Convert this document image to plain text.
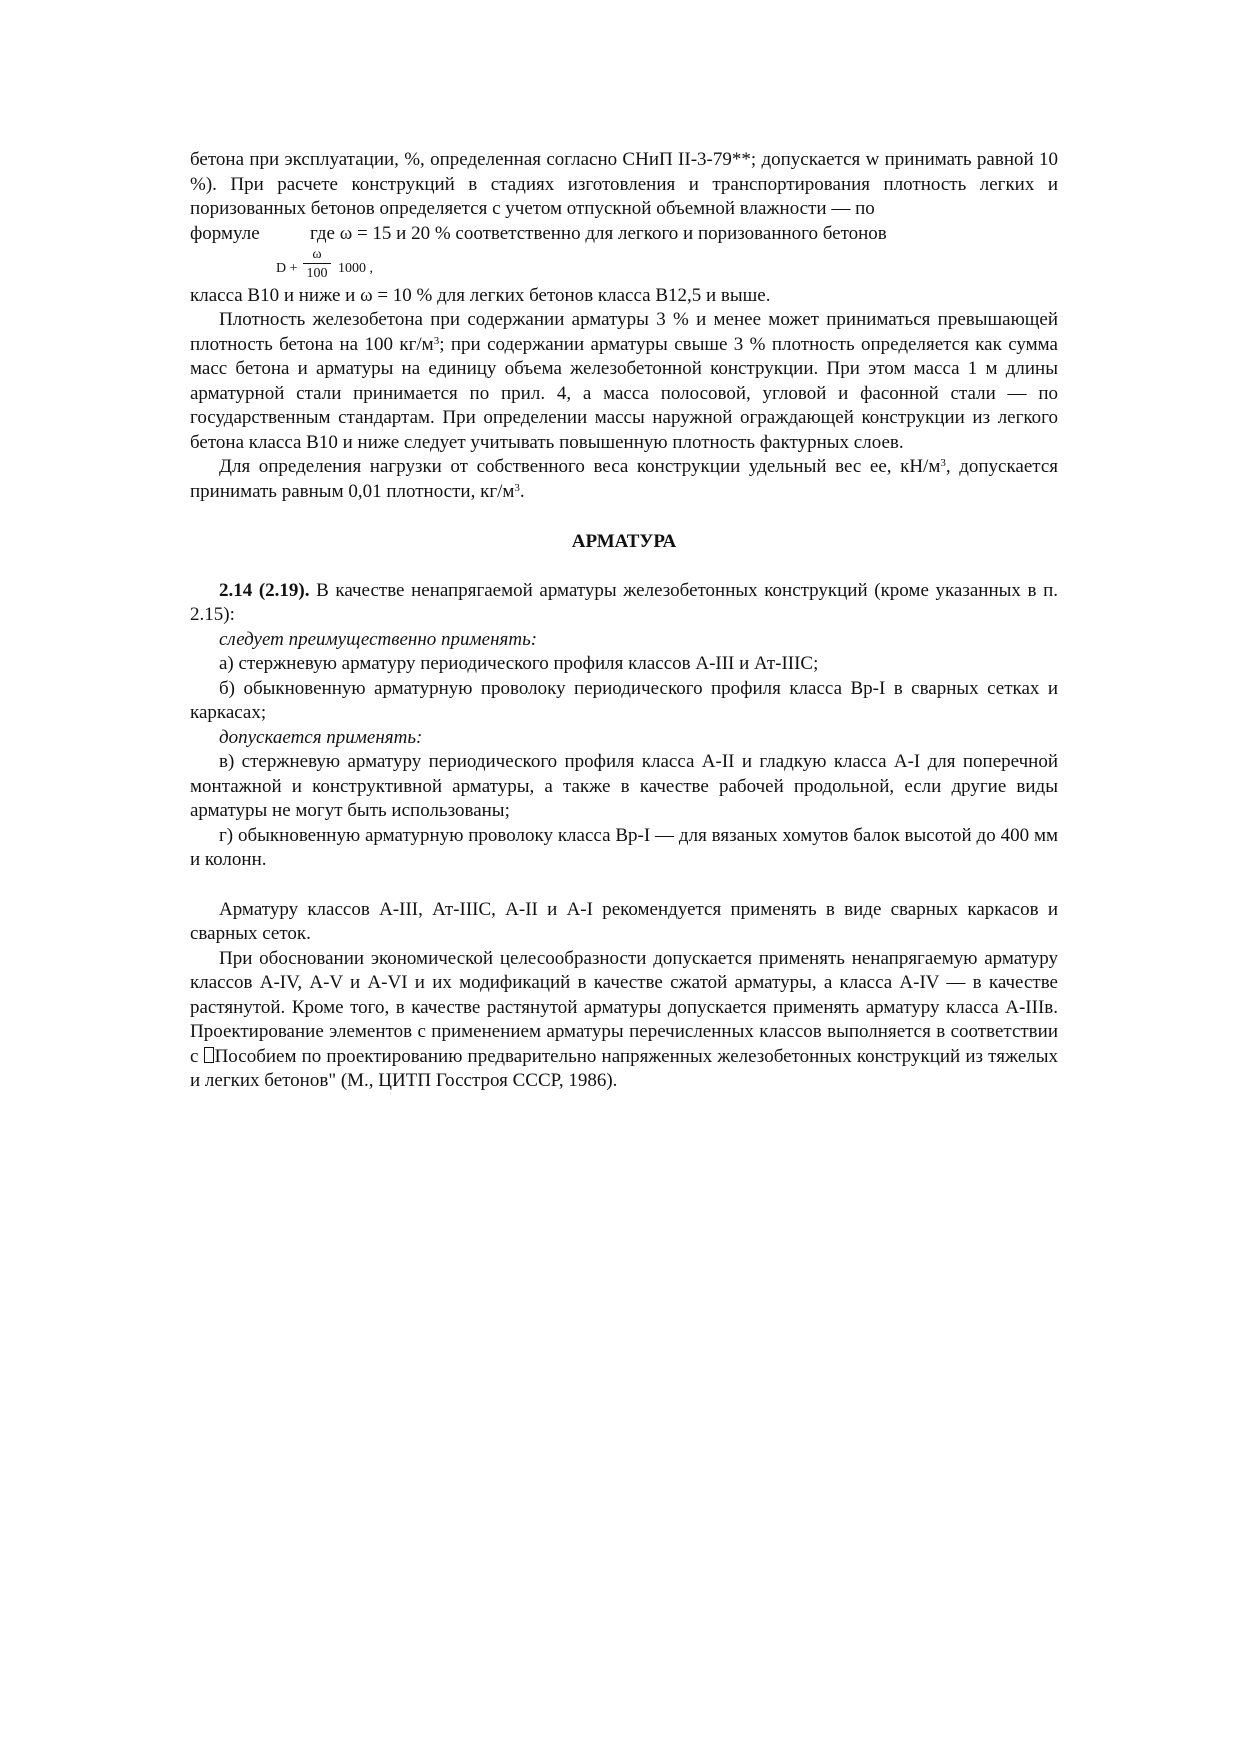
бетона при эксплуатации, %, определенная согласно СНиП II-3-79**; допускается w принимать равной 10 %). При расчете конструкций в стадиях изготовления и транспортирования плотность легких и поризованных бетонов определяется с учетом отпускной объемной влажности — по

формуле	где ω = 15 и 20 % соответственно для легкого и поризованного бетонов

$D + \frac{\omega}{100} 1000$ ,

класса В10 и ниже и ω = 10 % для легких бетонов класса В12,5 и выше.

Плотность железобетона при содержании арматуры 3 % и менее может приниматься превышающей плотность бетона на 100 $кг/м^3$; при содержании арматуры свыше 3 % плотность определяется как сумма масс бетона и арматуры на единицу объема железобетонной конструкции. При этом масса 1 м длины арматурной стали принимается по прил. 4, а масса полосовой, угловой и фасонной стали — по государственным стандартам. При определении массы наружной ограждающей конструкции из легкого бетона класса В10 и ниже следует учитывать повышенную плотность фактурных слоев.

Для определения нагрузки от собственного веса конструкции удельный вес ее, $кН/м^3$, допускается принимать равным 0,01 плотности, $кг/м^3$.

АРМАТУРА

2.14 (2.19). В качестве ненапрягаемой арматуры железобетонных конструкций (кроме указанных в п. 2.15):

следует преимущественно применять:

а) стержневую арматуру периодического профиля классов А-III и Ат-IIIС;

б) обыкновенную арматурную проволоку периодического профиля класса Вр-I в сварных сетках и каркасах;

допускается применять:

в) стержневую арматуру периодического профиля класса А-II и гладкую класса А-I для поперечной монтажной и конструктивной арматуры, а также в качестве рабочей продольной, если другие виды арматуры не могут быть использованы;

г) обыкновенную арматурную проволоку класса Вр-I — для вязаных хомутов балок высотой до 400 мм и колонн.

Арматуру классов А-III, Ат-IIIС, А-II и А-I рекомендуется применять в виде сварных каркасов и сварных сеток.

При обосновании экономической целесообразности допускается применять ненапрягаемую арматуру классов А-IV, А-V и А-VI и их модификаций в качестве сжатой арматуры, а класса А-IV — в качестве растянутой. Кроме того, в качестве растянутой арматуры допускается применять арматуру класса А-IIIв. Проектирование элементов с применением арматуры перечисленных классов выполняется в соответствии с Пособием по проектированию предварительно напряженных железобетонных конструкций из тяжелых и легких бетонов" (М., ЦИТП Госстроя СССР, 1986).
